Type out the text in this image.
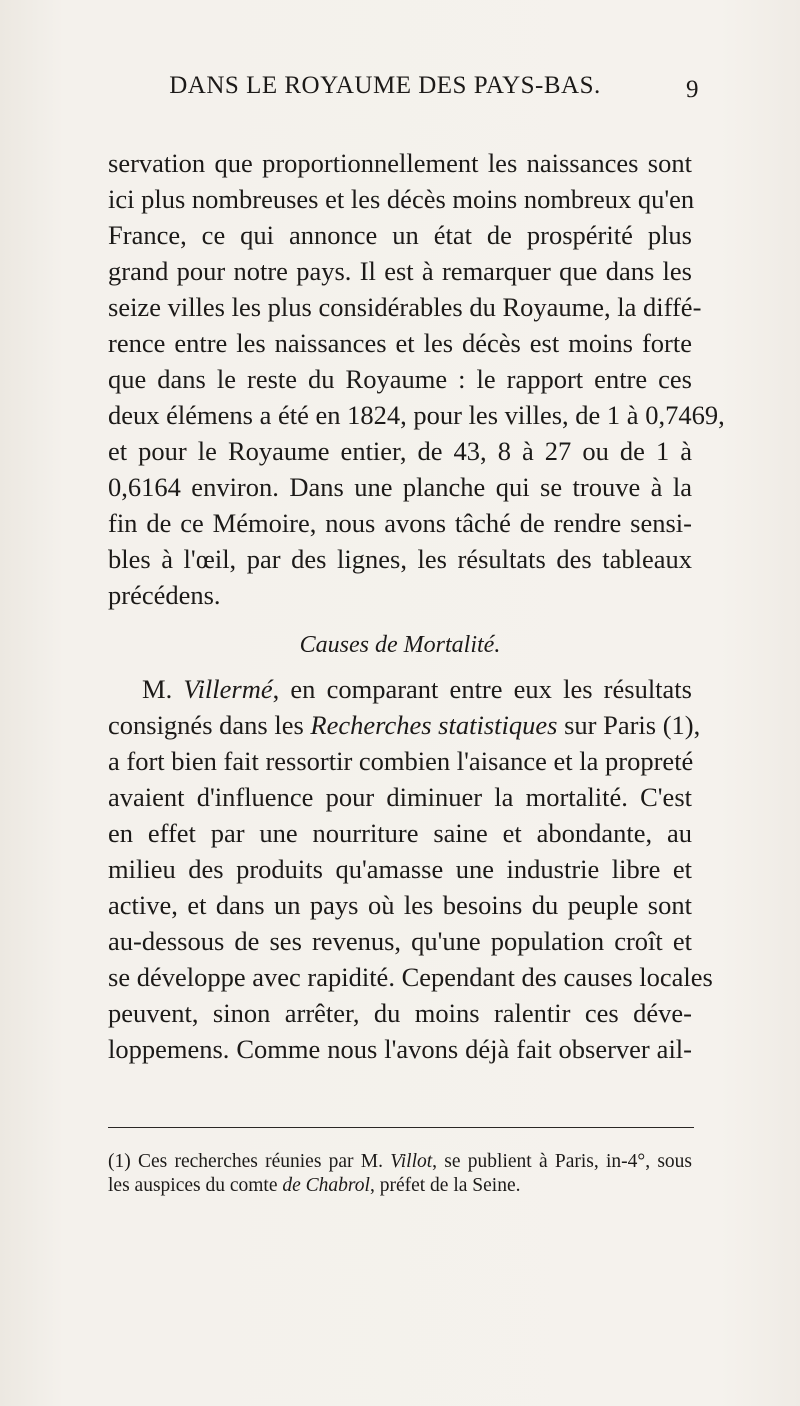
DANS LE ROYAUME DES PAYS-BAS.	9
servation que proportionnellement les naissances sont
ici plus nombreuses et les décès moins nombreux qu'en
France, ce qui annonce un état de prospérité plus
grand pour notre pays. Il est à remarquer que dans les
seize villes les plus considérables du Royaume, la diffé-
rence entre les naissances et les décès est moins forte
que dans le reste du Royaume : le rapport entre ces
deux élémens a été en 1824, pour les villes, de 1 à 0,7469,
et pour le Royaume entier, de 43, 8 à 27 ou de 1 à
0,6164 environ. Dans une planche qui se trouve à la
fin de ce Mémoire, nous avons tâché de rendre sensi-
bles à l'œil, par des lignes, les résultats des tableaux
précédens.
Causes de Mortalité.
M. Villermé, en comparant entre eux les résultats
consignés dans les Recherches statistiques sur Paris (1),
a fort bien fait ressortir combien l'aisance et la propreté
avaient d'influence pour diminuer la mortalité. C'est
en effet par une nourriture saine et abondante, au
milieu des produits qu'amasse une industrie libre et
active, et dans un pays où les besoins du peuple sont
au-dessous de ses revenus, qu'une population croît et
se développe avec rapidité. Cependant des causes locales
peuvent, sinon arrêter, du moins ralentir ces déve-
loppemens. Comme nous l'avons déjà fait observer ail-
(1) Ces recherches réunies par M. Villot, se publient à Paris, in-4°, sous
les auspices du comte de Chabrol, préfet de la Seine.
